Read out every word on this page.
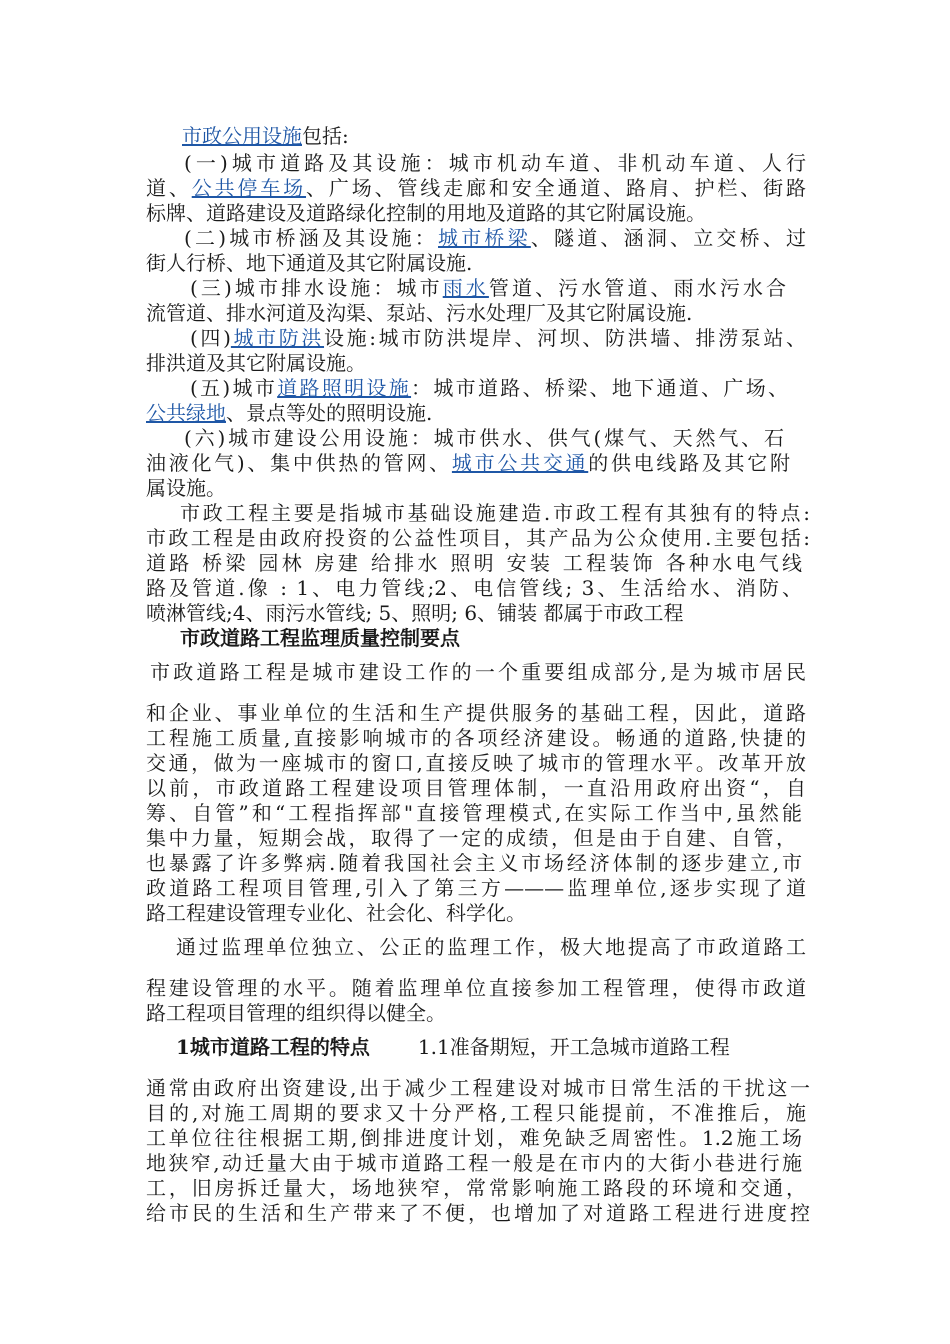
市政公用设施包括:
(一)城市道路及其设施：城市机动车道、非机动车道、人行
道、公共停车场、广场、管线走廊和安全通道、路肩、护栏、街路
标牌、道路建设及道路绿化控制的用地及道路的其它附属设施。
(二)城市桥涵及其设施：城市桥梁、隧道、涵洞、立交桥、过
街人行桥、地下通道及其它附属设施.
(三)城市排水设施：城市雨水管道、污水管道、雨水污水合
流管道、排水河道及沟渠、泵站、污水处理厂及其它附属设施.
(四)城市防洪设施:城市防洪堤岸、河坝、防洪墙、排涝泵站、
排洪道及其它附属设施。
(五)城市道路照明设施：城市道路、桥梁、地下通道、广场、
公共绿地、景点等处的照明设施.
(六)城市建设公用设施：城市供水、供气(煤气、天然气、石
油液化气)、集中供热的管网、城市公共交通的供电线路及其它附
属设施。
市政工程主要是指城市基础设施建造.市政工程有其独有的特点:
市政工程是由政府投资的公益性项目，其产品为公众使用.主要包括:
道路 桥梁 园林 房建 给排水 照明 安装 工程装饰 各种水电气线
路及管道.像 : 1、电力管线;2、电信管线; 3、生活给水、消防、
喷淋管线;4、雨污水管线; 5、照明; 6、铺装 都属于市政工程
市政道路工程监理质量控制要点
市政道路工程是城市建设工作的一个重要组成部分,是为城市居民
和企业、事业单位的生活和生产提供服务的基础工程，因此，道路
工程施工质量,直接影响城市的各项经济建设。畅通的道路,快捷的
交通，做为一座城市的窗口,直接反映了城市的管理水平。改革开放
以前，市政道路工程建设项目管理体制，一直沿用政府出资“，自
筹、自管”和“工程指挥部"直接管理模式,在实际工作当中,虽然能
集中力量，短期会战，取得了一定的成绩，但是由于自建、自管，
也暴露了许多弊病.随着我国社会主义市场经济体制的逐步建立,市
政道路工程项目管理,引入了第三方———监理单位,逐步实现了道
路工程建设管理专业化、社会化、科学化。
通过监理单位独立、公正的监理工作，极大地提高了市政道路工
程建设管理的水平。随着监理单位直接参加工程管理，使得市政道
路工程项目管理的组织得以健全。
1城市道路工程的特点 1.1准备期短，开工急城市道路工程
通常由政府出资建设,出于减少工程建设对城市日常生活的干扰这一
目的,对施工周期的要求又十分严格,工程只能提前，不准推后，施
工单位往往根据工期,倒排进度计划，难免缺乏周密性。1.2施工场
地狭窄,动迁量大由于城市道路工程一般是在市内的大街小巷进行施
工，旧房拆迁量大，场地狭窄，常常影响施工路段的环境和交通，
给市民的生活和生产带来了不便，也增加了对道路工程进行进度控
